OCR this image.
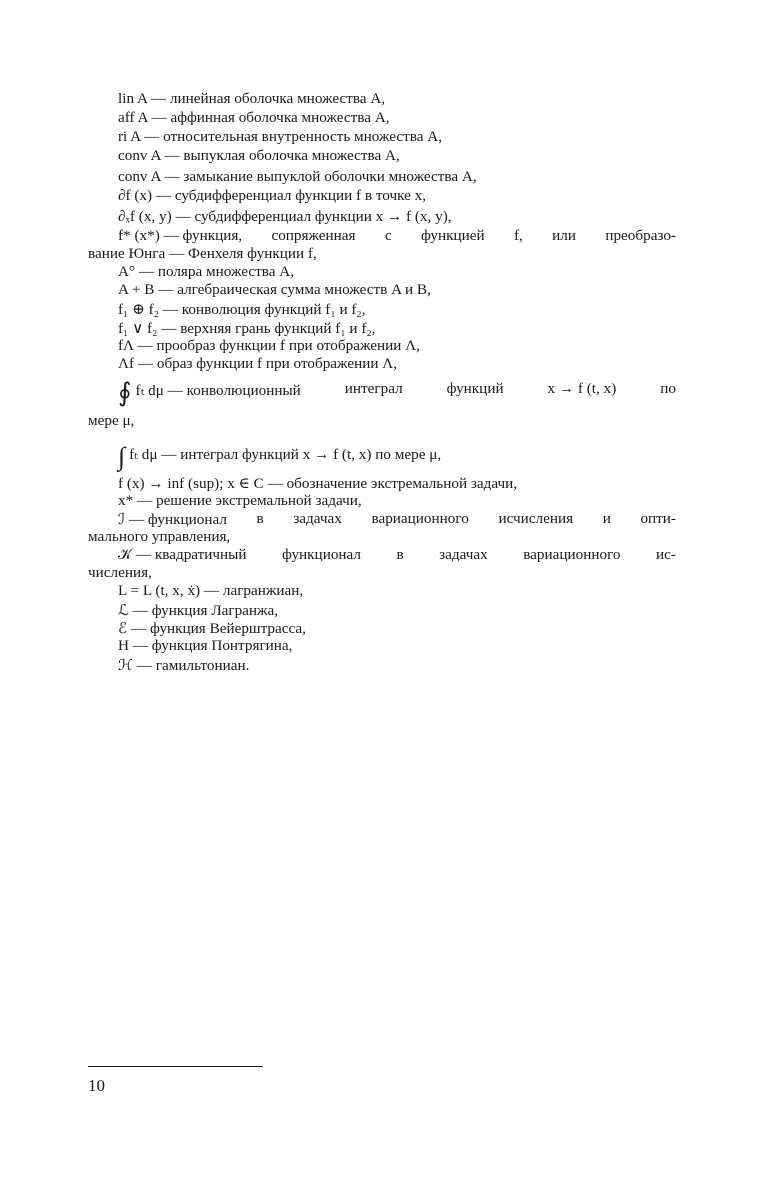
lin A — линейная оболочка множества A,
aff A — аффинная оболочка множества A,
ri A — относительная внутренность множества A,
conv A — выпуклая оболочка множества A,
conv A — замыкание выпуклой оболочки множества A,
∂f (x) — субдифференциал функции f в точке x,
∂ₓf (x, y) — субдифференциал функции x → f (x, y),
f* (x*) — функция, сопряженная с функцией f, или преобразо-
вание Юнга — Фенхеля функции f,
A° — поляра множества A,
A + B — алгебраическая сумма множеств A и B,
f₁ ⊕ f₂ — конволюция функций f₁ и f₂,
f₁ ∨ f₂ — верхняя грань функций f₁ и f₂,
fΛ — прообраз функции f при отображении Λ,
Λf — образ функции f при отображении Λ,
∮ fₜ dμ — конволюционный	интеграл	функций	x → f (t, x)	по
мере μ,
∫ fₜ dμ — интеграл функций x → f (t, x) по мере μ,
f (x) → inf (sup); x ∈ C — обозначение экстремальной задачи,
x* — решение экстремальной задачи,
ℐ — функционал в задачах вариационного исчисления и опти-
мального управления,
𝒦 — квадратичный функционал в задачах вариационного ис-
числения,
L = L (t, x, ẋ) — лагранжиан,
ℒ — функция Лагранжа,
ℰ — функция Вейерштрасса,
H — функция Понтрягина,
ℋ — гамильтониан.
10
